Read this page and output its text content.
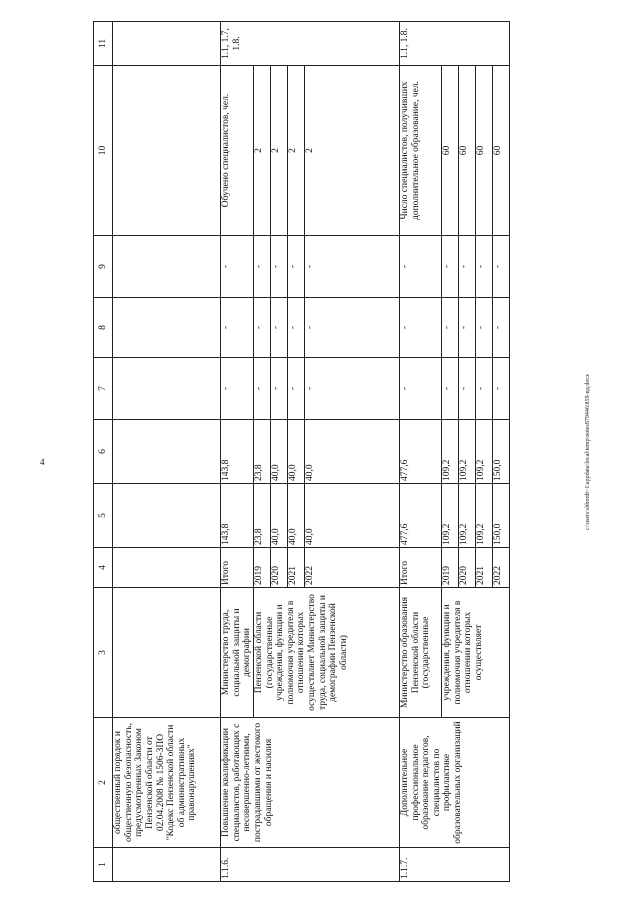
4	c:\users\shbordt~1\appdata\local\temp\notes879446\859-ид.docx
1	2	3	4	5	6	7	8	9	10	11
	общественный порядок и общественную безопасность, предусмотренных Законом Пензенской области от 02.04.2008 № 1506-ЗПО "Кодекс Пензенской области об административных правонарушениях"									
1.1.6.	Повышение квалификации специалистов, работающих с несовершенно-летними, пострадавшими от жестокого обращения и насилия	Министерство труда, социальной защиты и демографии	Итого	143,8	143,8	-	-	-	Обучено специалистов, чел.	1.1, 1.7, 1.8.
		Пензенской области (государственные учреждения, функции и полномочия учредителя в отношении которых осуществляет Министерство труда, социальной защиты и демографии Пензенской области)	2019	23,8	23,8	-	-	-	2	
			2020	40,0	40,0	-	-	-	2	
			2021	40,0	40,0	-	-	-	2	
			2022	40,0	40,0	-	-	-	2	
1.1.7.	Дополнительное профессиональное образование педагогов, специалистов по профилактике образовательных организаций	Министерство образования Пензенской области (государственные	Итого	477,6	477,6	-	-	-	Число специалистов, получивших дополнительное образование, чел.	1.1, 1.8.
		учреждения, функции и полномочия учредителя в отношении которых осуществляет	2019	109,2	109,2	-	-	-	60	
			2020	109,2	109,2	-	-	-	60	
			2021	109,2	109,2	-	-	-	60	
			2022	150,0	150,0	-	-	-	60	
